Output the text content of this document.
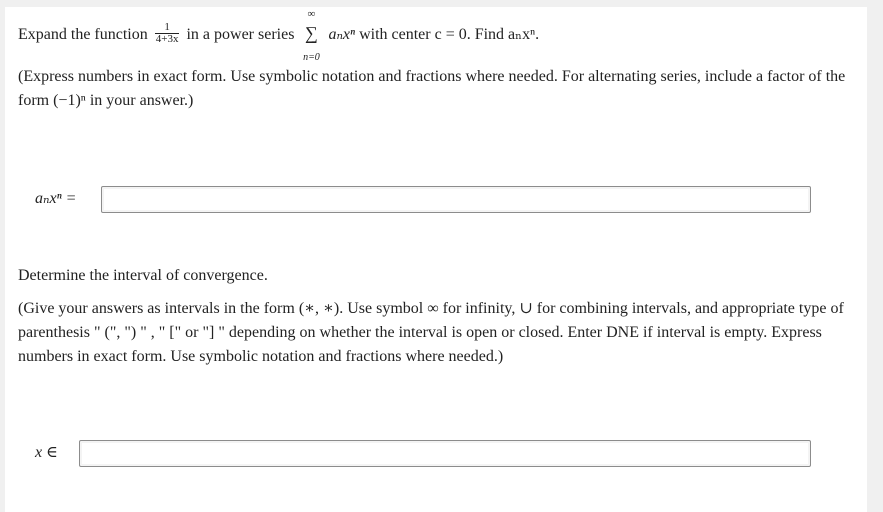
Expand the function $\frac{1}{4+3x}$ in a power series
∞
∑
n=0
aₙxⁿ with center c = 0. Find aₙxⁿ.
(Express numbers in exact form. Use symbolic notation and fractions where needed. For alternating series, include a factor of the form (−1)ⁿ in your answer.)
aₙxⁿ =
Determine the interval of convergence.
(Give your answers as intervals in the form (∗, ∗). Use symbol ∞ for infinity, ∪ for combining intervals, and appropriate type of parenthesis " (", ") " , " [" or "] " depending on whether the interval is open or closed. Enter DNE if interval is empty. Express numbers in exact form. Use symbolic notation and fractions where needed.)
x ∈
